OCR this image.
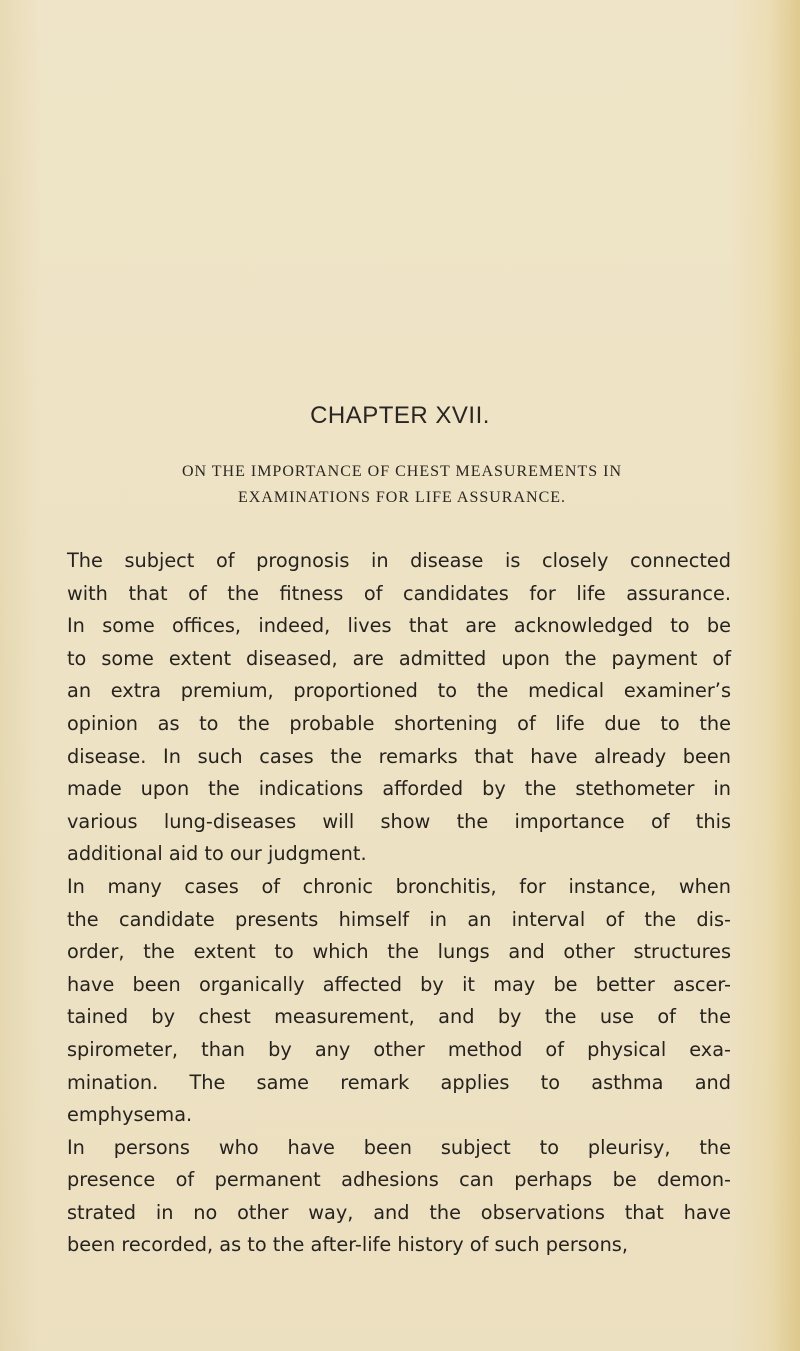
CHAPTER XVII.
ON THE IMPORTANCE OF CHEST MEASUREMENTS IN
EXAMINATIONS FOR LIFE ASSURANCE.

The subject of prognosis in disease is closely connected
with that of the fitness of candidates for life assurance.
In some offices, indeed, lives that are acknowledged to be
to some extent diseased, are admitted upon the payment of
an extra premium, proportioned to the medical examiner’s
opinion as to the probable shortening of life due to the
disease. In such cases the remarks that have already been
made upon the indications afforded by the stethometer in
various lung-diseases will show the importance of this
additional aid to our judgment.

In many cases of chronic bronchitis, for instance, when
the candidate presents himself in an interval of the dis-
order, the extent to which the lungs and other structures
have been organically affected by it may be better ascer-
tained by chest measurement, and by the use of the
spirometer, than by any other method of physical exa-
mination. The same remark applies to asthma and
emphysema.

In persons who have been subject to pleurisy, the
presence of permanent adhesions can perhaps be demon-
strated in no other way, and the observations that have
been recorded, as to the after-life history of such persons,
